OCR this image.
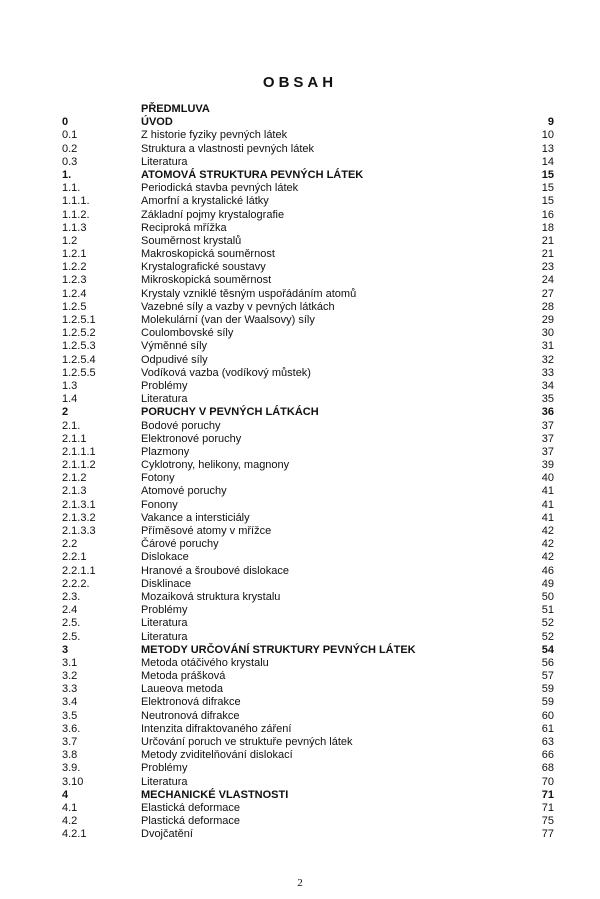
OBSAH
PŘEDMLUVA
0	ÚVOD	9
0.1	Z historie fyziky pevných látek	10
0.2	Struktura a vlastnosti pevných látek	13
0.3	Literatura	14
1.	ATOMOVÁ STRUKTURA PEVNÝCH LÁTEK	15
1.1.	Periodická stavba pevných látek	15
1.1.1.	Amorfní a krystalické látky	15
1.1.2.	Základní pojmy krystalografie	16
1.1.3	Reciproká mřížka	18
1.2	Souměrnost krystalů	21
1.2.1	Makroskopická souměrnost	21
1.2.2	Krystalografické soustavy	23
1.2.3	Mikroskopická souměrnost	24
1.2.4	Krystaly vzniklé těsným uspořádáním atomů	27
1.2.5	Vazebné síly a vazby v pevných látkách	28
1.2.5.1	Molekulární (van der Waalsovy) síly	29
1.2.5.2	Coulombovské síly	30
1.2.5.3	Výměnné síly	31
1.2.5.4	Odpudivé síly	32
1.2.5.5	Vodíková vazba (vodíkový můstek)	33
1.3	Problémy	34
1.4	Literatura	35
2	PORUCHY V PEVNÝCH LÁTKÁCH	36
2.1.	Bodové poruchy	37
2.1.1	Elektronové poruchy	37
2.1.1.1	Plazmony	37
2.1.1.2	Cyklotrony, helikony, magnony	39
2.1.2	Fotony	40
2.1.3	Atomové poruchy	41
2.1.3.1	Fonony	41
2.1.3.2	Vakance a intersticiály	41
2.1.3.3	Příměsové atomy v mřížce	42
2.2	Čárové poruchy	42
2.2.1	Dislokace	42
2.2.1.1	Hranové a šroubové dislokace	46
2.2.2.	Disklinace	49
2.3.	Mozaiková struktura krystalu	50
2.4	Problémy	51
2.5.	Literatura	52
2.5.	Literatura	52
3	METODY URČOVÁNÍ STRUKTURY PEVNÝCH LÁTEK	54
3.1	Metoda otáčivého krystalu	56
3.2	Metoda prášková	57
3.3	Laueova metoda	59
3.4	Elektronová difrakce	59
3.5	Neutronová difrakce	60
3.6.	Intenzita difraktovaného záření	61
3.7	Určování poruch ve struktuře pevných látek	63
3.8	Metody zviditelňování dislokací	66
3.9.	Problémy	68
3.10	Literatura	70
4	MECHANICKÉ VLASTNOSTI	71
4.1	Elastická deformace	71
4.2	Plastická deformace	75
4.2.1	Dvojčatění	77
2
